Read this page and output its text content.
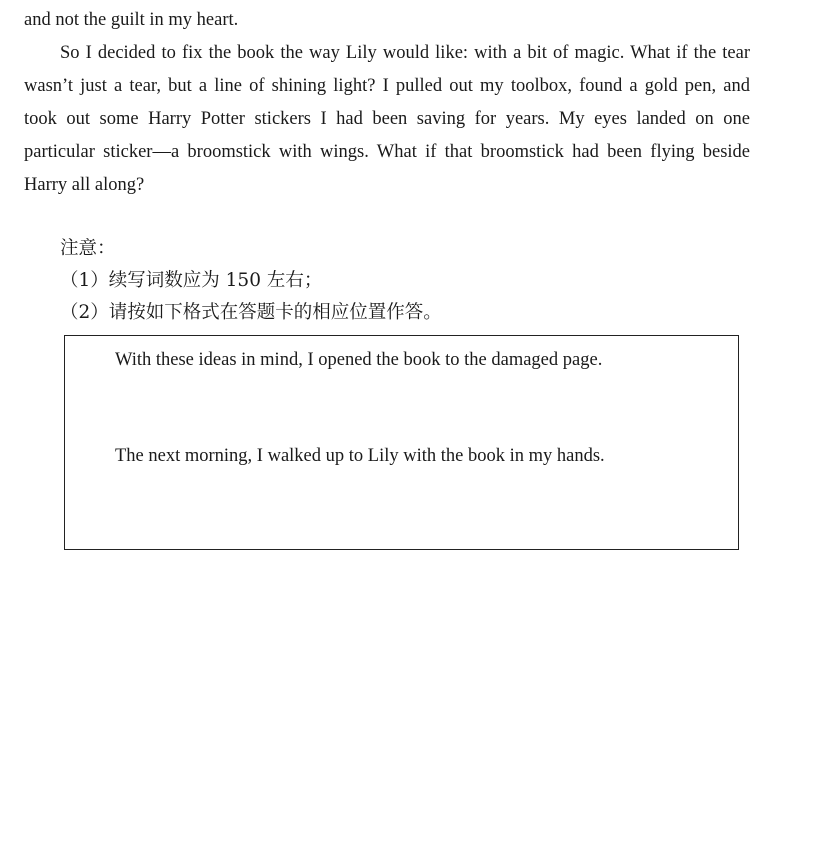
and not the guilt in my heart.
So I decided to fix the book the way Lily would like: with a bit of magic. What if the tear
wasn’t just a tear, but a line of shining light? I pulled out my toolbox, found a gold pen, and
took out some Harry Potter stickers I had been saving for years. My eyes landed on one
particular sticker—a broomstick with wings. What if that broomstick had been flying beside
Harry all along?
注意：
（1）续写词数应为 150 左右；
（2）请按如下格式在答题卡的相应位置作答。
With these ideas in mind, I opened the book to the damaged page.
The next morning, I walked up to Lily with the book in my hands.
